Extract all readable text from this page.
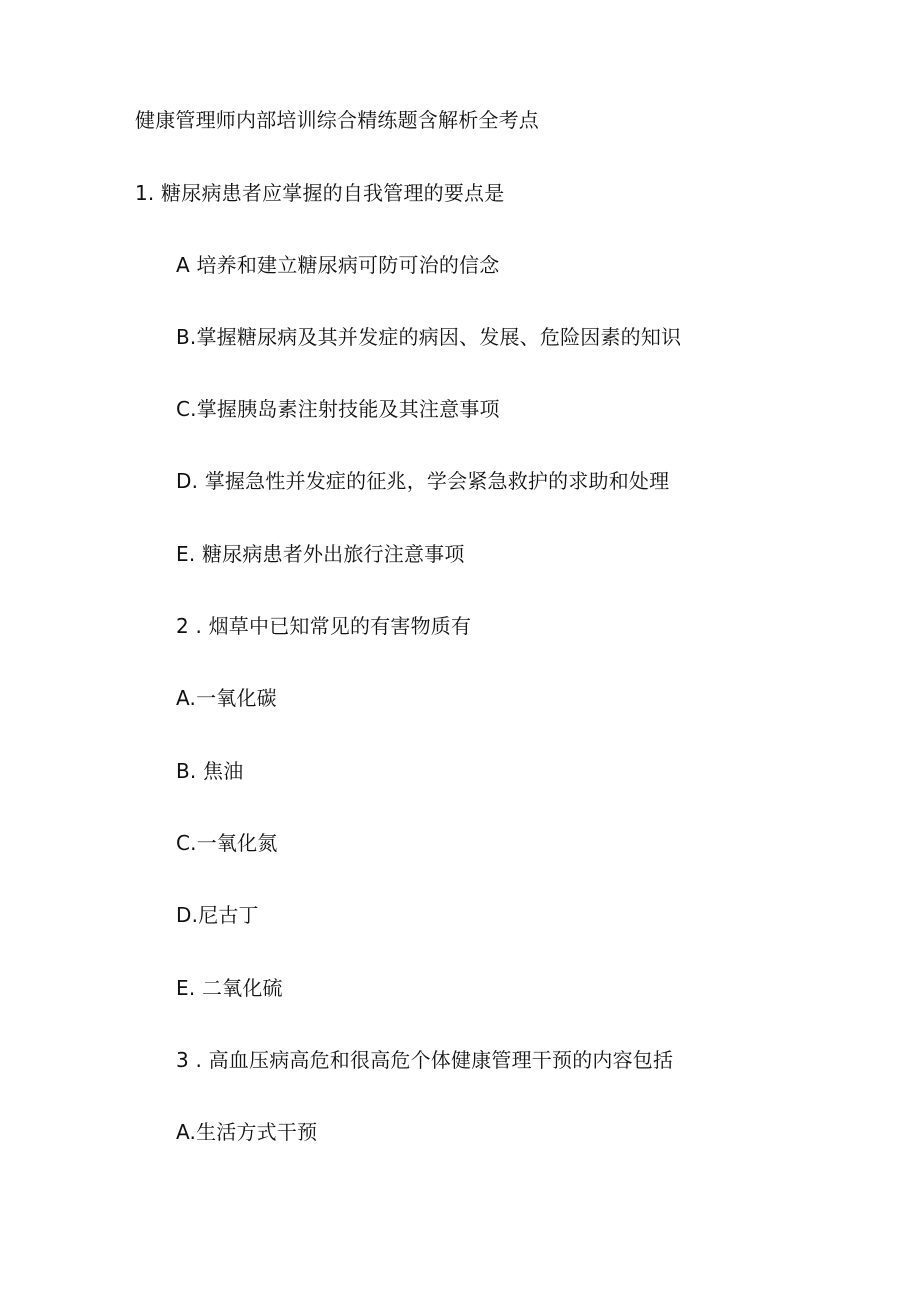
健康管理师内部培训综合精练题含解析全考点
1. 糖尿病患者应掌握的自我管理的要点是
A 培养和建立糖尿病可防可治的信念
B.掌握糖尿病及其并发症的病因、发展、危险因素的知识
C.掌握胰岛素注射技能及其注意事项
D. 掌握急性并发症的征兆，学会紧急救护的求助和处理
E. 糖尿病患者外出旅行注意事项
2 . 烟草中已知常见的有害物质有
A.一氧化碳
B. 焦油
C.一氧化氮
D.尼古丁
E. 二氧化硫
3 . 高血压病高危和很高危个体健康管理干预的内容包括
A.生活方式干预
